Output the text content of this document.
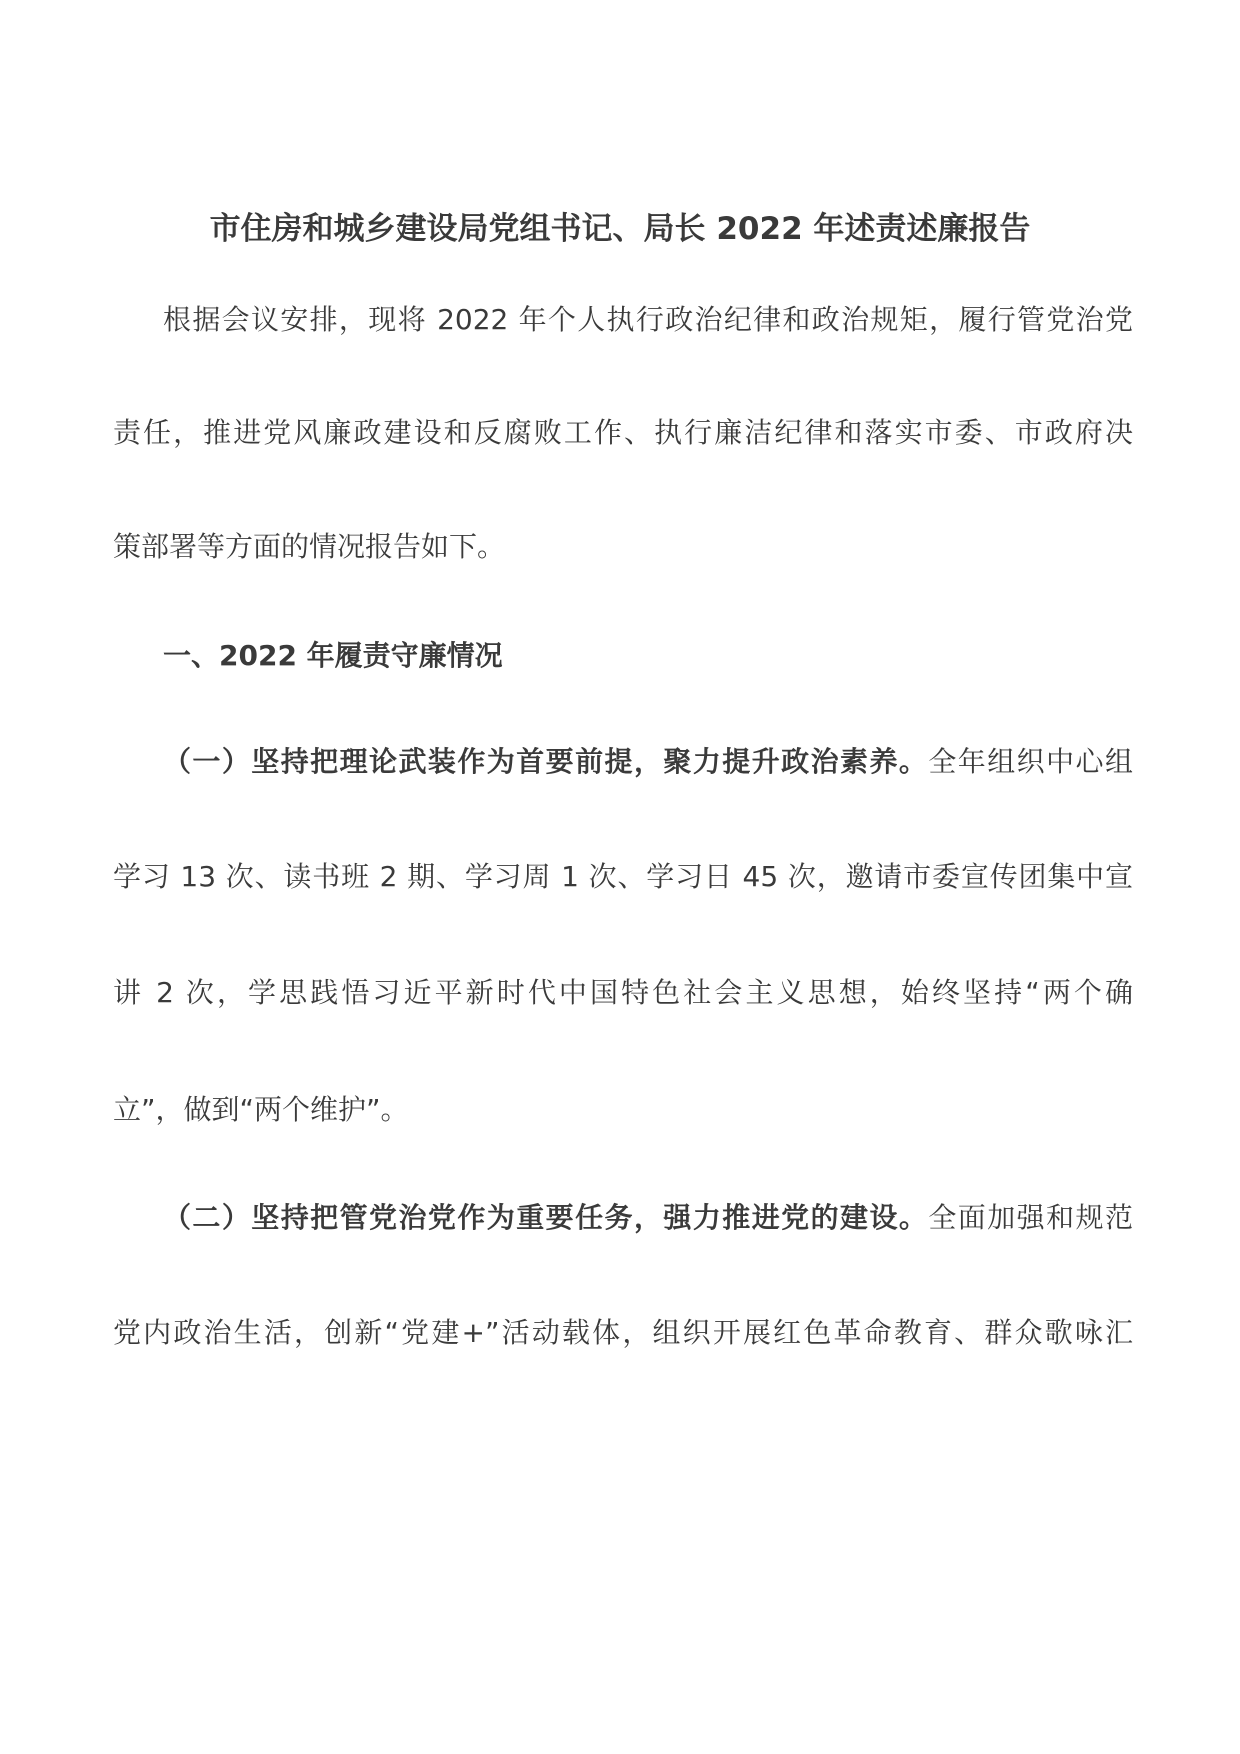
市住房和城乡建设局党组书记、局长 2022 年述责述廉报告
根据会议安排，现将 2022 年个人执行政治纪律和政治规矩，履行管党治党
责任，推进党风廉政建设和反腐败工作、执行廉洁纪律和落实市委、市政府决
策部署等方面的情况报告如下。
一、2022 年履责守廉情况
（一）坚持把理论武装作为首要前提，聚力提升政治素养。全年组织中心组
学习 13 次、读书班 2 期、学习周 1 次、学习日 45 次，邀请市委宣传团集中宣
讲 2 次，学思践悟习近平新时代中国特色社会主义思想，始终坚持“两个确
立”，做到“两个维护”。
（二）坚持把管党治党作为重要任务，强力推进党的建设。全面加强和规范
党内政治生活，创新“党建+”活动载体，组织开展红色革命教育、群众歌咏汇
